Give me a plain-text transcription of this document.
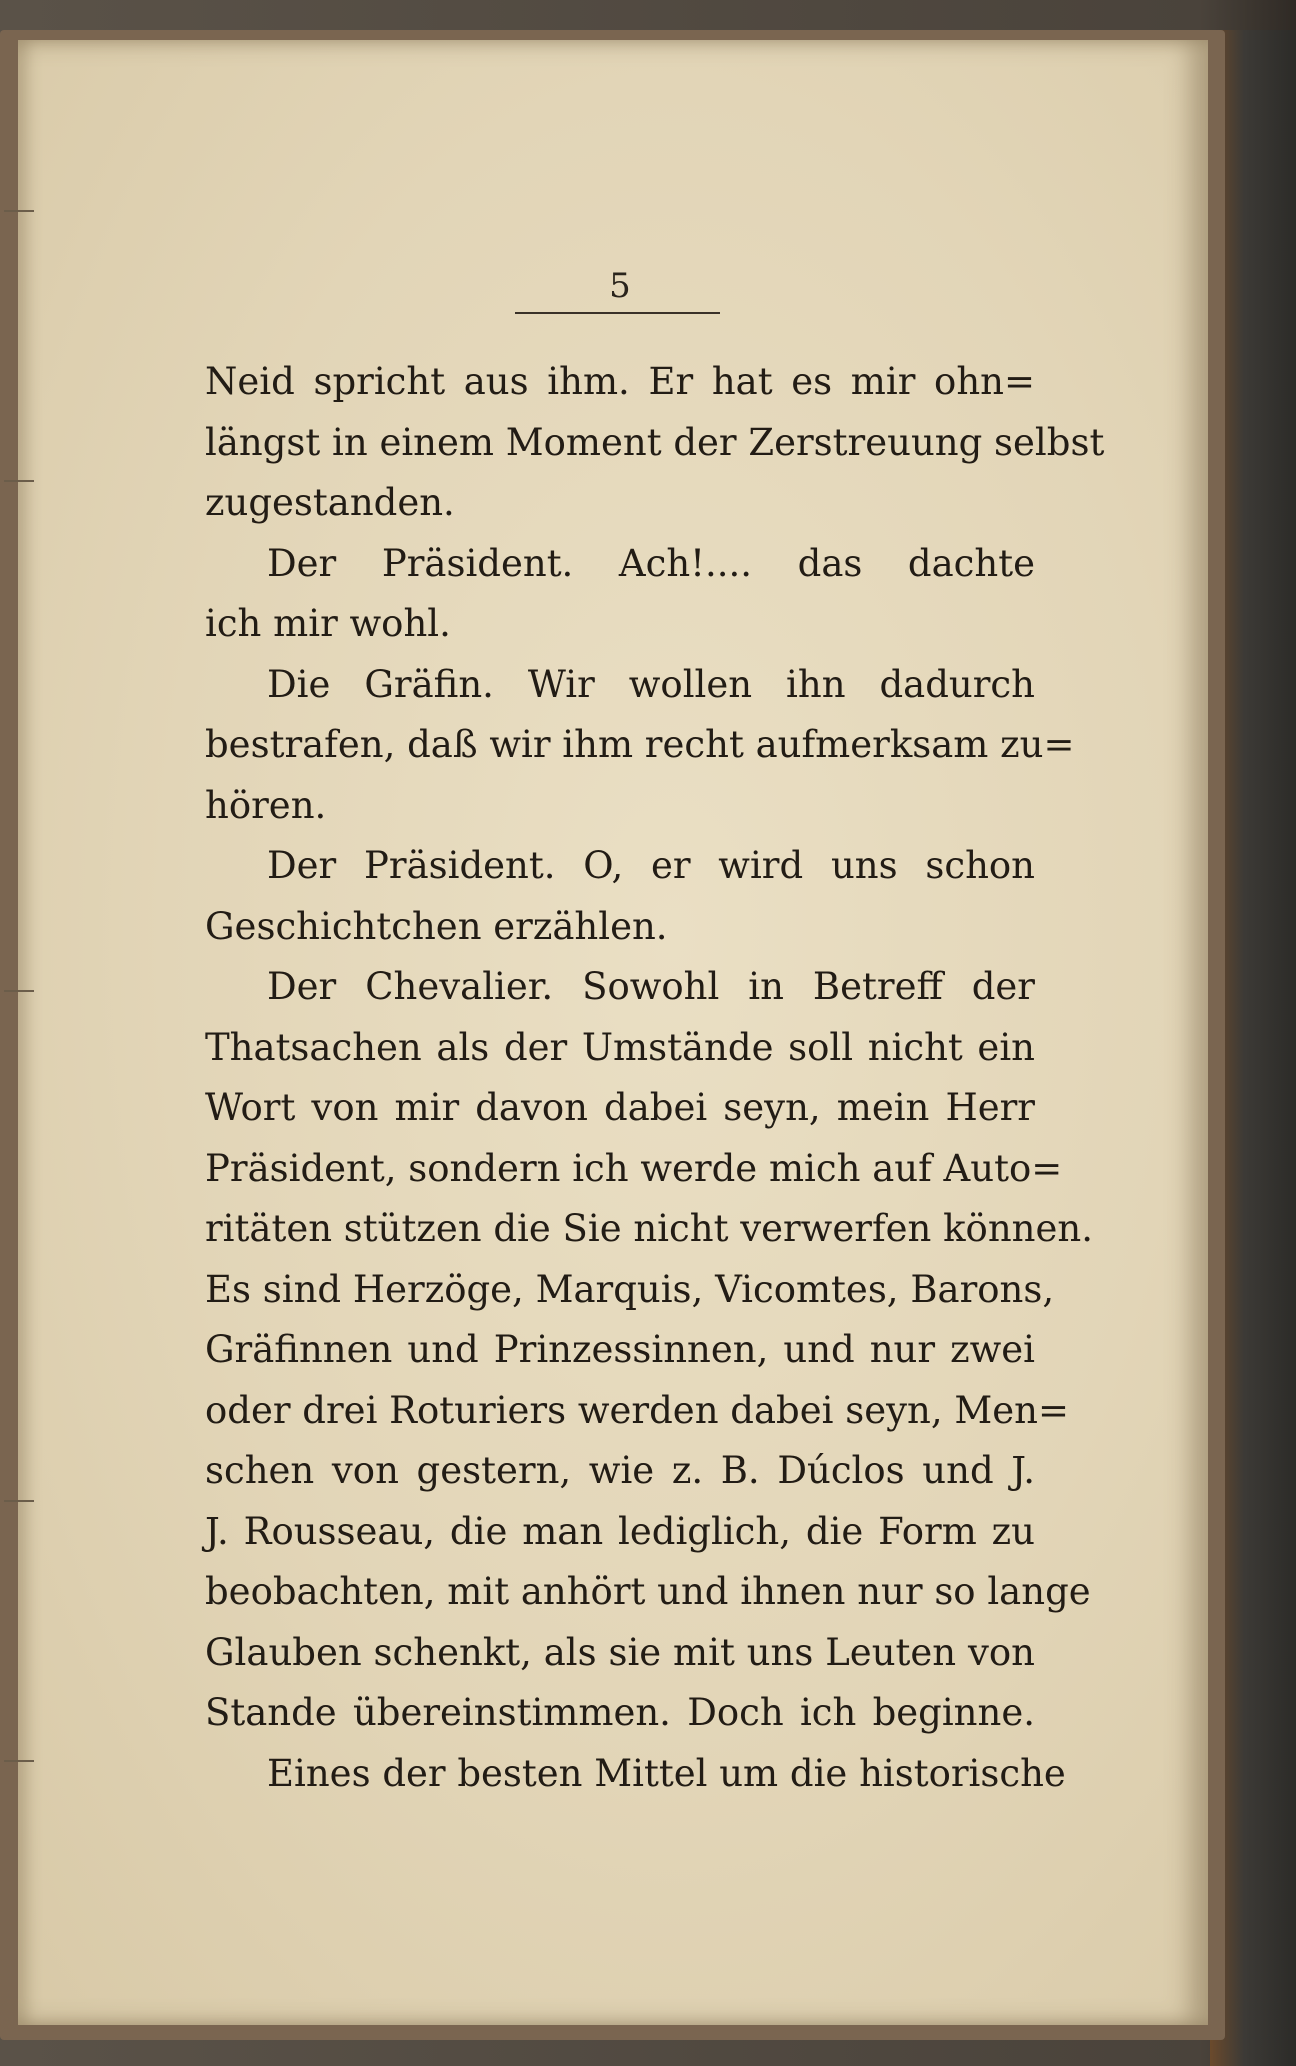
5
Neid spricht aus ihm. Er hat es mir ohn=
längst in einem Moment der Zerstreuung selbst
zugestanden.
Der Präsident. Ach!.... das dachte
ich mir wohl.
Die Gräfin. Wir wollen ihn dadurch
bestrafen, daß wir ihm recht aufmerksam zu=
hören.
Der Präsident. O, er wird uns schon
Geschichtchen erzählen.
Der Chevalier. Sowohl in Betreff der
Thatsachen als der Umstände soll nicht ein
Wort von mir davon dabei seyn, mein Herr
Präsident, sondern ich werde mich auf Auto=
ritäten stützen die Sie nicht verwerfen können.
Es sind Herzöge, Marquis, Vicomtes, Barons,
Gräfinnen und Prinzessinnen, und nur zwei
oder drei Roturiers werden dabei seyn, Men=
schen von gestern, wie z. B. Dúclos und J.
J. Rousseau, die man lediglich, die Form zu
beobachten, mit anhört und ihnen nur so lange
Glauben schenkt, als sie mit uns Leuten von
Stande übereinstimmen. Doch ich beginne.
Eines der besten Mittel um die historische
